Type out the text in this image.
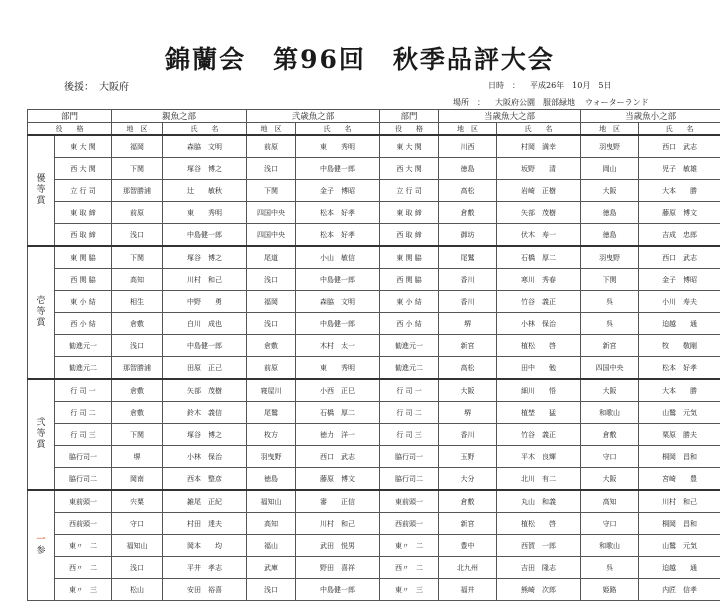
錦蘭会　第96回　秋季品評大会
後援：　大阪府	日時　： 平成26年　10月　5日
場所　： 大阪府公園　服部緑地 ウォーターランド
部門		親魚之部		弐歳魚之部		部門	当歳魚大之部		当歳魚小之部	
役　　格		地　区	氏　　名	地　区	氏　　名	役　　格	地　区	氏　　名	地　区	氏　　名

優等賞	東 大 関	福岡	森脇　文明	前原	東　　秀明	東 大 関	川西	村岡　満幸	羽曳野	西口　武志
	西 大 関	下関	塚谷　博之	浅口	中島健一郎	西 大 関	徳島	坂野　　清	岡山	児子　敏雄
	立 行 司	那智勝浦	辻　　敏秋	下関	金子　博昭	立 行 司	高松	岩崎　正樹	大阪	大本　　勝
	東 取 締	前原	東　　秀明	四国中央	松本　好孝	東 取 締	倉敷	矢部　茂樹	徳島	藤原　博文
	西 取 締	浅口	中島健一郎	四国中央	松本　好孝	西 取 締	御坊	伏木　寿一	徳島	吉成　忠郎

壱等賞	東 関 脇	下関	塚谷　博之	尾道	小山　敏信	東 関 脇	尾鷲	石橋　厚二	羽曳野	西口　武志
	西 関 脇	高知	川村　和己	浅口	中島健一郎	西 関 脇	香川	寒川　秀春	下関	金子　博昭
	東 小 結	相生	中野　　勇	福岡	森脇　文明	東 小 結	香川	竹谷　義正	呉	小川　寿夫
	西 小 結	倉敷	白川　成也	浅口	中島健一郎	西 小 結	堺	小林　保治	呉	迫越　　通
	勧進元一	浅口	中島健一郎	倉敷	木村　太一	勧進元一	新宮	植松　　啓	新宮	牧　　敬剛
	勧進元二	那智勝浦	田原　正己	前原	東　　秀明	勧進元二	高松	田中　　勉	四国中央	松本　好孝

弐等賞	行 司 一	倉敷	矢部　茂樹	寝屋川	小西　正巳	行 司 一	大阪	細川　　悟	大阪	大本　　勝
	行 司 二	倉敷	鈴木　義信	尾鷲	石橋　厚二	行 司 二	堺	植埜　　猛	和歌山	山鷲　元気
	行 司 三	下関	塚谷　博之	枚方	徳力　洋一	行 司 三	香川	竹谷　義正	倉敷	栗原　勝夫
	脇行司一	堺	小林　保治	羽曳野	西口　武志	脇行司一	玉野	平木　良輝	守口	桐岡　昌和
	脇行司二	岡南	西本　整彦	徳島	藤原　博文	脇行司二	大分	北川　有二	大阪	宮崎　　豊

一 参	東前頭一	宍粟	雑尾　正紀	福知山	審　　正信	東前頭一	倉敷	丸山　和義	高知	川村　和己
	西前頭一	守口	村田　達夫	高知	川村　和己	西前頭一	新宮	植松　　啓	守口	桐岡　昌和
	東〃　二	福知山	岡本　　均	福山	武田　悦男	東〃　二	豊中	西賀　一郎	和歌山	山鷲　元気
	西〃　二	浅口	平井　孝志	武庫	野田　喜祥	西〃　二	北九州	吉田　隆志	呉	迫越　　通
	東〃　三	松山	安田　裕喜	浅口	中島健一郎	東〃　三	福井	熊崎　次郎	姫路	内匠　信孝
